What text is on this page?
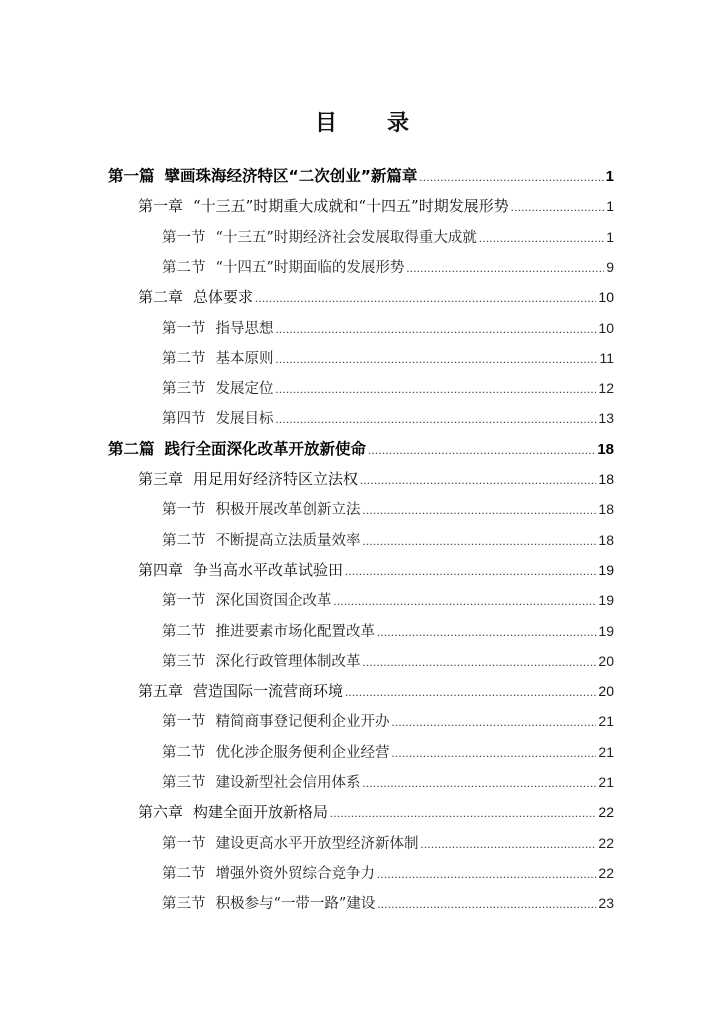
目　录
第一篇 擘画珠海经济特区“二次创业”新篇章 .....	1
第一章 “十三五”时期重大成就和“十四五”时期发展形势 .....	1
第一节 “十三五”时期经济社会发展取得重大成就 .....	1
第二节 “十四五”时期面临的发展形势 .....	9
第二章 总体要求 .....	10
第一节 指导思想 .....	10
第二节 基本原则 .....	11
第三节 发展定位 .....	12
第四节 发展目标 .....	13
第二篇 践行全面深化改革开放新使命 .....	18
第三章 用足用好经济特区立法权 .....	18
第一节 积极开展改革创新立法 .....	18
第二节 不断提高立法质量效率 .....	18
第四章 争当高水平改革试验田 .....	19
第一节 深化国资国企改革 .....	19
第二节 推进要素市场化配置改革 .....	19
第三节 深化行政管理体制改革 .....	20
第五章 营造国际一流营商环境 .....	20
第一节 精简商事登记便利企业开办 .....	21
第二节 优化涉企服务便利企业经营 .....	21
第三节 建设新型社会信用体系 .....	21
第六章 构建全面开放新格局 .....	22
第一节 建设更高水平开放型经济新体制 .....	22
第二节 增强外资外贸综合竞争力 .....	22
第三节 积极参与“一带一路”建设 .....	23
